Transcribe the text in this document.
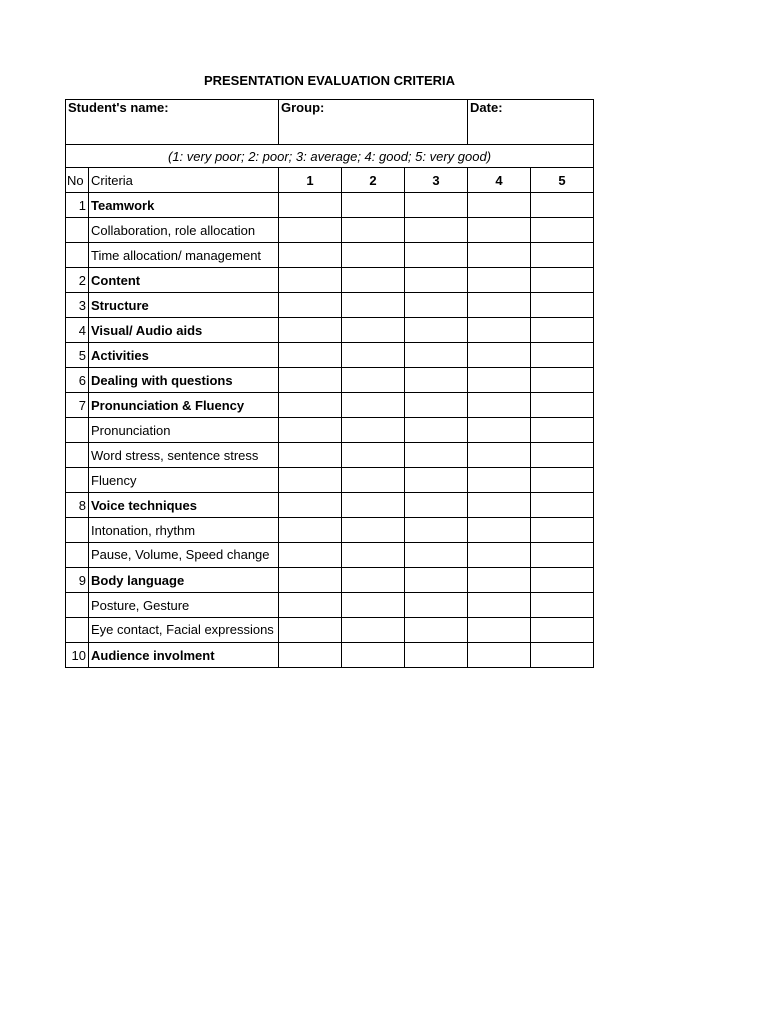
PRESENTATION EVALUATION CRITERIA
Student's name:		Group:			Date:	
(1: very poor; 2: poor; 3: average; 4: good; 5: very good)						
No	Criteria	1	2	3	4	5
1	Teamwork					
	Collaboration, role allocation					
	Time allocation/ management					
2	Content					
3	Structure					
4	Visual/ Audio aids					
5	Activities					
6	Dealing with questions					
7	Pronunciation & Fluency					
	Pronunciation					
	Word stress, sentence stress					
	Fluency					
8	Voice techniques					
	Intonation, rhythm					
	Pause, Volume, Speed change					
9	Body language					
	Posture, Gesture					
	Eye contact, Facial expressions					
10	Audience involment					
